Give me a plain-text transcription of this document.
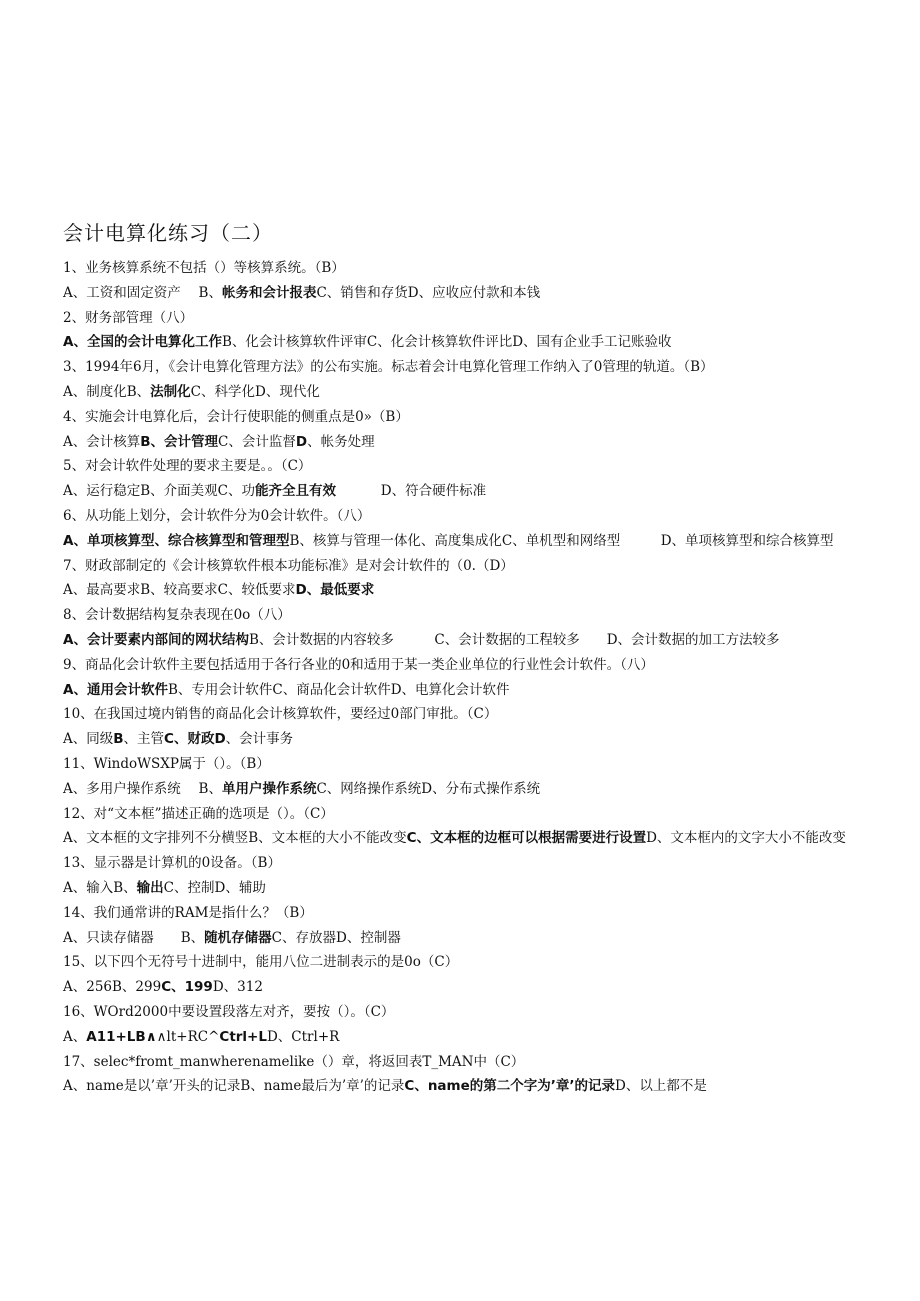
会计电算化练习（二）
1、业务核算系统不包括（）等核算系统。（B）
A、工资和固定资产　 B、帐务和会计报表C、销售和存货D、应收应付款和本钱
2、财务部管理（八）
A、全国的会计电算化工作B、化会计核算软件评审C、化会计核算软件评比D、国有企业手工记账验收
3、1994年6月，《会计电算化管理方法》的公布实施。标志着会计电算化管理工作纳入了0管理的轨道。（B）
A、制度化B、法制化C、科学化D、现代化
4、实施会计电算化后，会计行使职能的侧重点是0»（B）
A、会计核算B、会计管理C、会计监督D、帐务处理
5、对会计软件处理的要求主要是。。（C）
A、运行稳定B、介面美观C、功能齐全且有效　　　 D、符合硬件标准
6、从功能上划分，会计软件分为0会计软件。（八）
A、单项核算型、综合核算型和管理型B、核算与管理一体化、高度集成化C、单机型和网络型　　　D、单项核算型和综合核算型
7、财政部制定的《会计核算软件根本功能标准》是对会计软件的（0.（D）
A、最高要求B、较高要求C、较低要求D、最低要求
8、会计数据结构复杂表现在0o（八）
A、会计要素内部间的网状结构B、会计数据的内容较多　　　C、会计数据的工程较多　　D、会计数据的加工方法较多
9、商品化会计软件主要包括适用于各行各业的0和适用于某一类企业单位的行业性会计软件。（八）
A、通用会计软件B、专用会计软件C、商品化会计软件D、电算化会计软件
10、在我国过境内销售的商品化会计核算软件，要经过0部门审批。（C）
A、同级B、主管C、财政D、会计事务
11、WindoWSXP属于（）。（B）
A、多用户操作系统　 B、单用户操作系统C、网络操作系统D、分布式操作系统
12、对“文本框”描述正确的选项是（）。（C）
A、文本框的文字排列不分横竖B、文本框的大小不能改变C、文本框的边框可以根据需要进行设置D、文本框内的文字大小不能改变
13、显示器是计算机的0设备。（B）
A、输入B、输出C、控制D、辅助
14、我们通常讲的RAM是指什么？（B）
A、只读存储器　　B、随机存储器C、存放器D、控制器
15、以下四个无符号十进制中，能用八位二进制表示的是0o（C）
A、256B、299C、199D、312
16、WOrd2000中要设置段落左对齐，要按（）。（C）
A、A11+LB∧∧lt+RC^Ctrl+LD、Ctrl+R
17、selec*fromt_manwherenamelike（）章，将返回表T_MAN中（C）
A、name是以’章’开头的记录B、name最后为’章’的记录C、name的第二个字为’章’的记录D、以上都不是
